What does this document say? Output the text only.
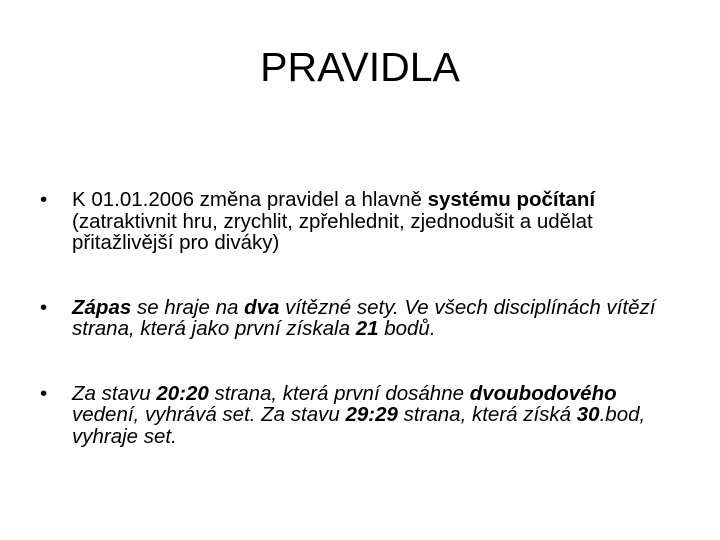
PRAVIDLA
•	K 01.01.2006 změna pravidel a hlavně systému počítaní (zatraktivnit hru, zrychlit, zpřehlednit, zjednodušit a udělat přitažlivější pro diváky)
•	Zápas se hraje na dva vítězné sety. Ve všech disciplínách vítězí strana, která jako první získala 21 bodů.
•	Za stavu 20:20 strana, která první dosáhne dvoubodového vedení, vyhrává set. Za stavu 29:29 strana, která získá 30.bod, vyhraje set.
